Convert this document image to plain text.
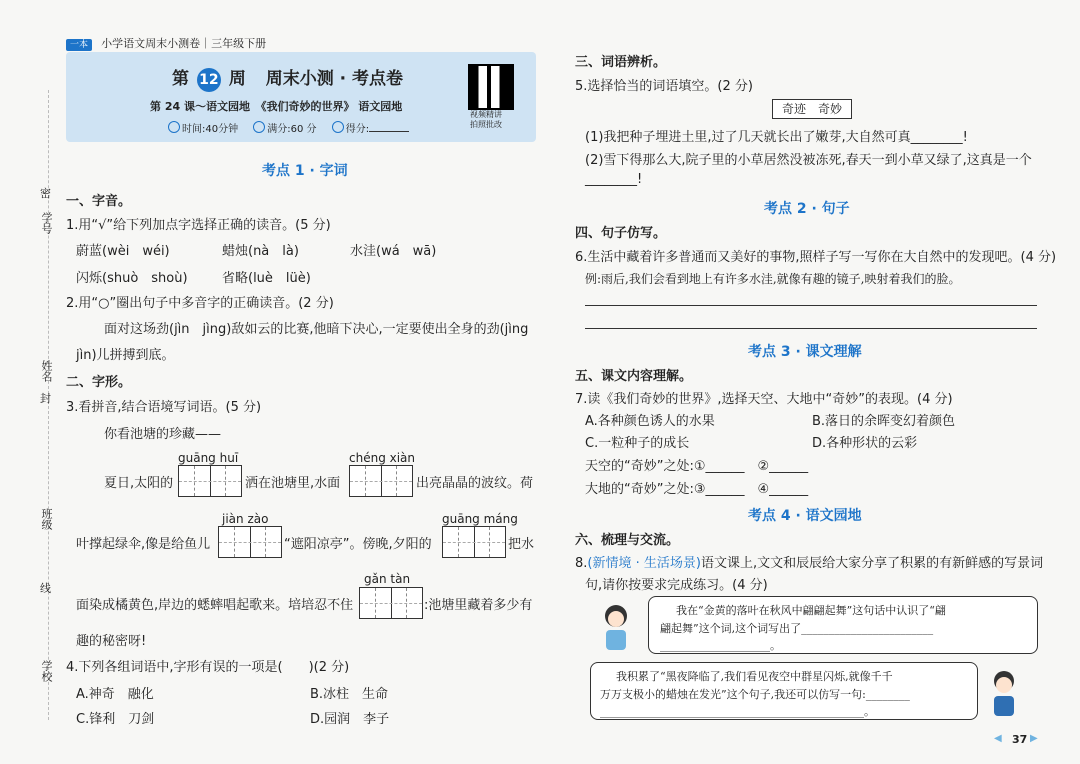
一本 小学语文周末小测卷｜三年级下册
密
学号
姓名
封
班级
线
学校
第 12 周 周末小测 · 考点卷
第 24 课～语文园地　《我们奇妙的世界》 语文园地
时间:40分钟	满分:60 分	得分:
视频精讲
拍照批改
考点 1 · 字词
一、字音。
1.用“√”给下列加点字选择正确的读音。(5 分)
蔚蓝(wèi　wéi)	蜡烛(nà　là)	水洼(wá　wā)
闪烁(shuò　shoù)	省略(luè　lüè)
2.用“○”圈出句子中多音字的正确读音。(2 分)
面对这场劲(jìn　jìng)敌如云的比赛,他暗下决心,一定要使出全身的劲(jìng
jìn)儿拼搏到底。
二、字形。
3.看拼音,结合语境写词语。(5 分)
你看池塘的珍藏——
guāng huī	chéng xiàn
夏日,太阳的	洒在池塘里,水面	出亮晶晶的波纹。荷
jiàn zào	guāng máng
叶撑起绿伞,像是给鱼儿	“遮阳凉亭”。傍晚,夕阳的	把水
gǎn tàn
面染成橘黄色,岸边的蟋蟀唱起歌来。培培忍不住	:池塘里藏着多少有
趣的秘密呀!
4.下列各组词语中,字形有误的一项是(　　)(2 分)
A.神奇　融化	B.冰柱　生命
C.锋利　刀剑	D.园润　李子
三、词语辨析。
5.选择恰当的词语填空。(2 分)
奇迹　奇妙
(1)我把种子埋进土里,过了几天就长出了嫩芽,大自然可真________!
(2)雪下得那么大,院子里的小草居然没被冻死,春天一到小草又绿了,这真是一个
________!
考点 2 · 句子
四、句子仿写。
6.生活中藏着许多普通而又美好的事物,照样子写一写你在大自然中的发现吧。(4 分)
例:雨后,我们会看到地上有许多水洼,就像有趣的镜子,映射着我们的脸。
考点 3 · 课文理解
五、课文内容理解。
7.读《我们奇妙的世界》,选择天空、大地中“奇妙”的表现。(4 分)
A.各种颜色诱人的水果	B.落日的余晖变幻着颜色
C.一粒种子的成长	D.各种形状的云彩
天空的“奇妙”之处:①______　②______
大地的“奇妙”之处:③______　④______
考点 4 · 语文园地
六、梳理与交流。
8.(新情境 · 生活场景)语文课上,文文和辰辰给大家分享了积累的有新鲜感的写景词
句,请你按要求完成练习。(4 分)
我在“金黄的落叶在秋风中翩翩起舞”这句话中认识了“翩
翩起舞”这个词,这个词写出了________________________
____________________。
我积累了“黑夜降临了,我们看见夜空中群星闪烁,就像千千
万万支极小的蜡烛在发光”这个句子,我还可以仿写一句:________
________________________________________________。
◀ 37 ▶
